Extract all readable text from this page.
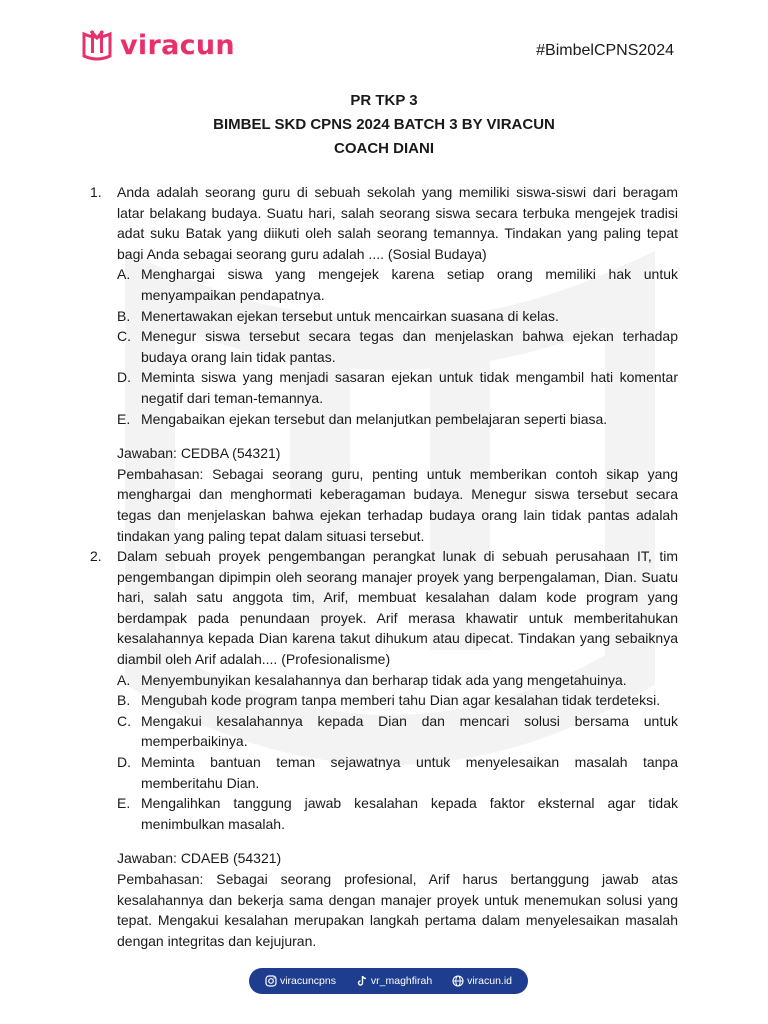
viracun	#BimbelCPNS2024
PR TKP 3
BIMBEL SKD CPNS 2024 BATCH 3 BY VIRACUN
COACH DIANI
1. Anda adalah seorang guru di sebuah sekolah yang memiliki siswa-siswi dari beragam latar belakang budaya. Suatu hari, salah seorang siswa secara terbuka mengejek tradisi adat suku Batak yang diikuti oleh salah seorang temannya. Tindakan yang paling tepat bagi Anda sebagai seorang guru adalah .... (Sosial Budaya)
A. Menghargai siswa yang mengejek karena setiap orang memiliki hak untuk menyampaikan pendapatnya.
B. Menertawakan ejekan tersebut untuk mencairkan suasana di kelas.
C. Menegur siswa tersebut secara tegas dan menjelaskan bahwa ejekan terhadap budaya orang lain tidak pantas.
D. Meminta siswa yang menjadi sasaran ejekan untuk tidak mengambil hati komentar negatif dari teman-temannya.
E. Mengabaikan ejekan tersebut dan melanjutkan pembelajaran seperti biasa.
Jawaban: CEDBA (54321)
Pembahasan: Sebagai seorang guru, penting untuk memberikan contoh sikap yang menghargai dan menghormati keberagaman budaya. Menegur siswa tersebut secara tegas dan menjelaskan bahwa ejekan terhadap budaya orang lain tidak pantas adalah tindakan yang paling tepat dalam situasi tersebut.
2. Dalam sebuah proyek pengembangan perangkat lunak di sebuah perusahaan IT, tim pengembangan dipimpin oleh seorang manajer proyek yang berpengalaman, Dian. Suatu hari, salah satu anggota tim, Arif, membuat kesalahan dalam kode program yang berdampak pada penundaan proyek. Arif merasa khawatir untuk memberitahukan kesalahannya kepada Dian karena takut dihukum atau dipecat. Tindakan yang sebaiknya diambil oleh Arif adalah.... (Profesionalisme)
A. Menyembunyikan kesalahannya dan berharap tidak ada yang mengetahuinya.
B. Mengubah kode program tanpa memberi tahu Dian agar kesalahan tidak terdeteksi.
C. Mengakui kesalahannya kepada Dian dan mencari solusi bersama untuk memperbaikinya.
D. Meminta bantuan teman sejawatnya untuk menyelesaikan masalah tanpa memberitahu Dian.
E. Mengalihkan tanggung jawab kesalahan kepada faktor eksternal agar tidak menimbulkan masalah.
Jawaban: CDAEB (54321)
Pembahasan: Sebagai seorang profesional, Arif harus bertanggung jawab atas kesalahannya dan bekerja sama dengan manajer proyek untuk menemukan solusi yang tepat. Mengakui kesalahan merupakan langkah pertama dalam menyelesaikan masalah dengan integritas dan kejujuran.
viracuncpns	vr_maghfirah	viracun.id
